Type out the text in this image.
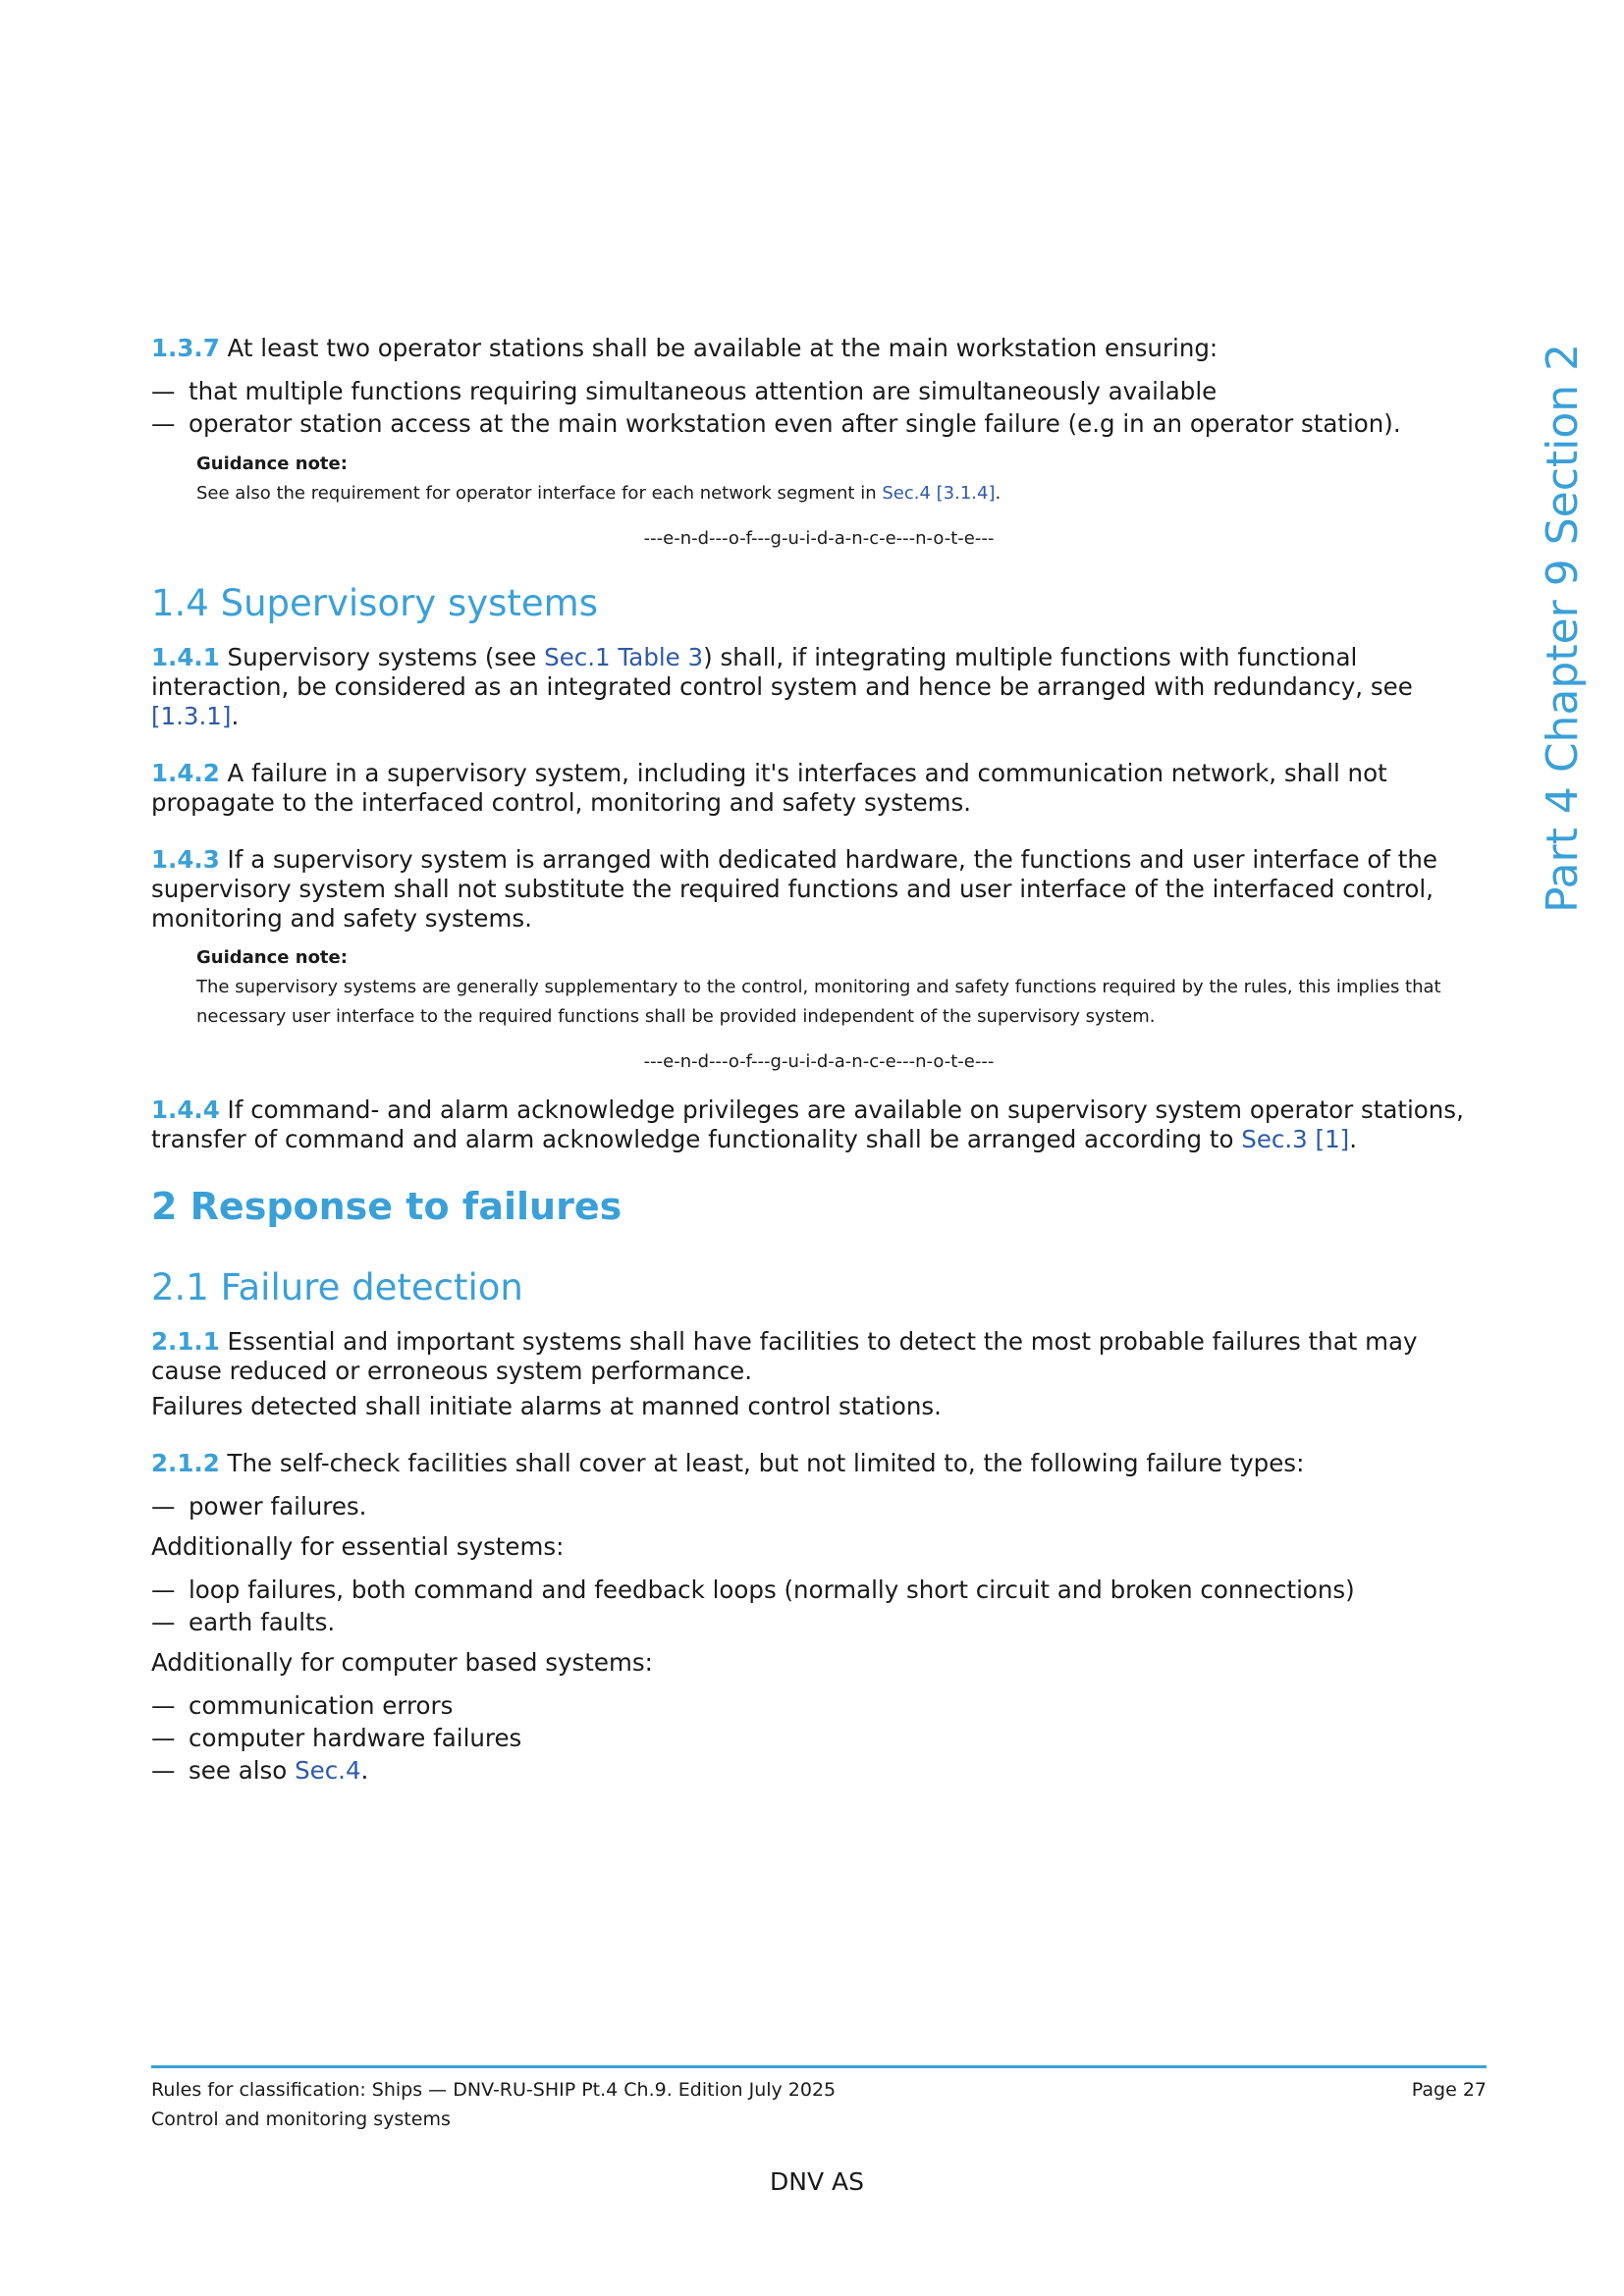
Part 4 Chapter 9 Section 2

1.3.7 At least two operator stations shall be available at the main workstation ensuring:

— that multiple functions requiring simultaneous attention are simultaneously available
— operator station access at the main workstation even after single failure (e.g in an operator station).
Guidance note:
See also the requirement for operator interface for each network segment in Sec.4 [3.1.4].
---e-n-d---o-f---g-u-i-d-a-n-c-e---n-o-t-e---
1.4 Supervisory systems

1.4.1 Supervisory systems (see Sec.1 Table 3) shall, if integrating multiple functions with functional interaction, be considered as an integrated control system and hence be arranged with redundancy, see [1.3.1].

1.4.2 A failure in a supervisory system, including it's interfaces and communication network, shall not propagate to the interfaced control, monitoring and safety systems.

1.4.3 If a supervisory system is arranged with dedicated hardware, the functions and user interface of the supervisory system shall not substitute the required functions and user interface of the interfaced control, monitoring and safety systems.

Guidance note:
The supervisory systems are generally supplementary to the control, monitoring and safety functions required by the rules, this implies that necessary user interface to the required functions shall be provided independent of the supervisory system.
---e-n-d---o-f---g-u-i-d-a-n-c-e---n-o-t-e---

1.4.4 If command- and alarm acknowledge privileges are available on supervisory system operator stations, transfer of command and alarm acknowledge functionality shall be arranged according to Sec.3 [1].

2 Response to failures
2.1 Failure detection

2.1.1 Essential and important systems shall have facilities to detect the most probable failures that may cause reduced or erroneous system performance.

Failures detected shall initiate alarms at manned control stations.

2.1.2 The self-check facilities shall cover at least, but not limited to, the following failure types:

— power failures.

Additionally for essential systems:

— loop failures, both command and feedback loops (normally short circuit and broken connections)
— earth faults.

Additionally for computer based systems:

— communication errors
— computer hardware failures
— see also Sec.4.
Rules for classification: Ships — DNV-RU-SHIP Pt.4 Ch.9. Edition July 2025
Control and monitoring systems
Page 27
DNV AS
